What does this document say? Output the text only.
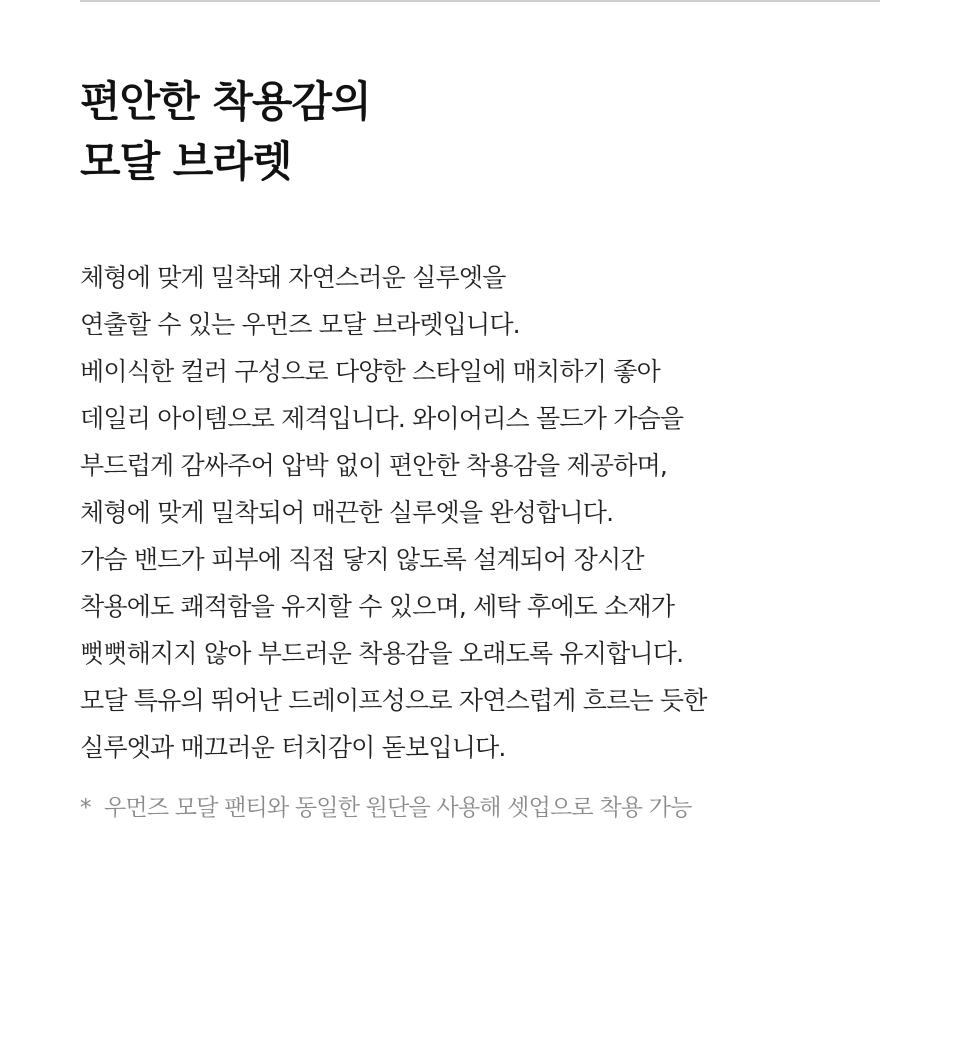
편안한 착용감의
모달 브라렛
체형에 맞게 밀착돼 자연스러운 실루엣을
연출할 수 있는 우먼즈 모달 브라렛입니다.
베이식한 컬러 구성으로 다양한 스타일에 매치하기 좋아
데일리 아이템으로 제격입니다. 와이어리스 몰드가 가슴을
부드럽게 감싸주어 압박 없이 편안한 착용감을 제공하며,
체형에 맞게 밀착되어 매끈한 실루엣을 완성합니다.
가슴 밴드가 피부에 직접 닿지 않도록 설계되어 장시간
착용에도 쾌적함을 유지할 수 있으며, 세탁 후에도 소재가
뻣뻣해지지 않아 부드러운 착용감을 오래도록 유지합니다.
모달 특유의 뛰어난 드레이프성으로 자연스럽게 흐르는 듯한
실루엣과 매끄러운 터치감이 돋보입니다.
* 우먼즈 모달 팬티와 동일한 원단을 사용해 셋업으로 착용 가능
